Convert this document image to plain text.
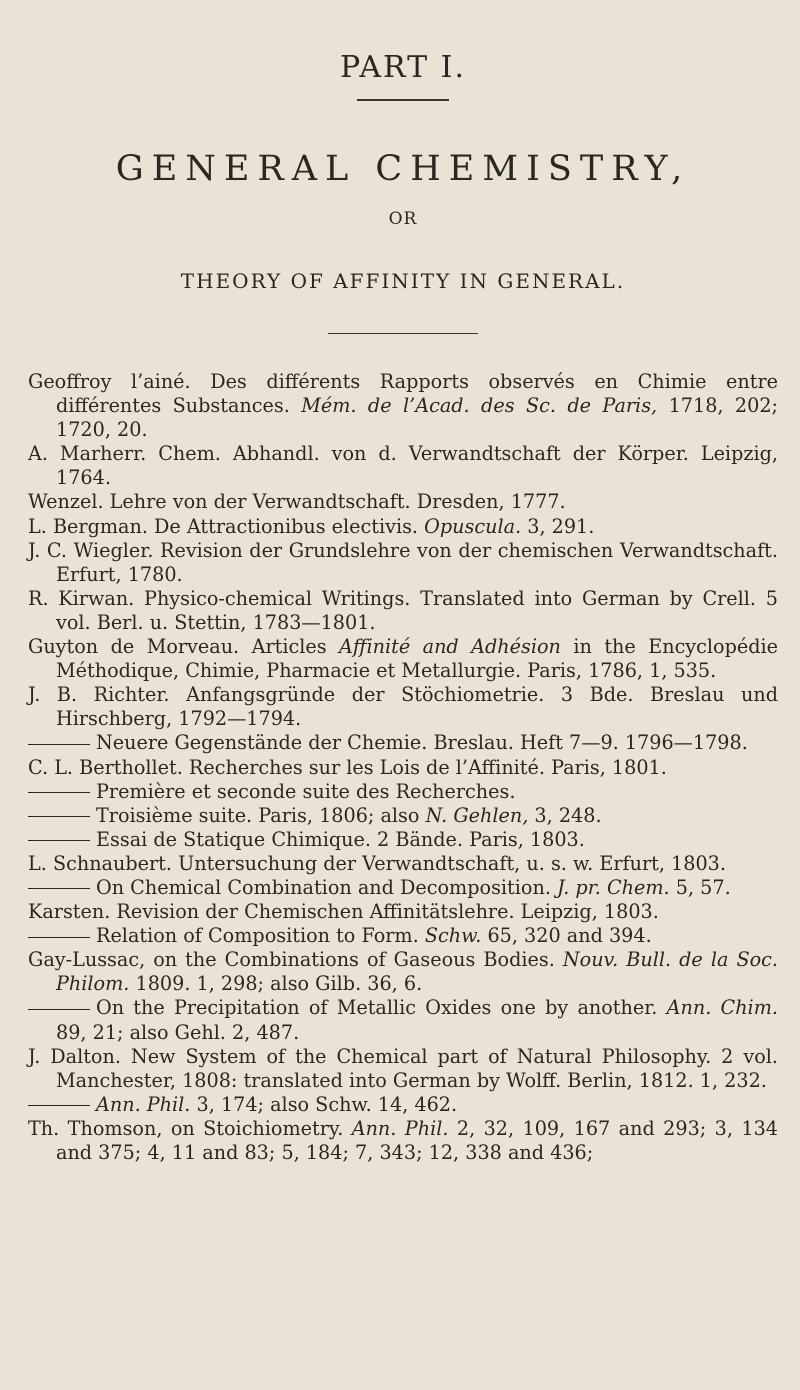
PART I.
GENERAL CHEMISTRY,
OR
THEORY OF AFFINITY IN GENERAL.

Geoffroy l’ainé. Des différents Rapports observés en Chimie entre différentes Substances. Mém. de l’Acad. des Sc. de Paris, 1718, 202; 1720, 20.

A. Marherr. Chem. Abhandl. von d. Verwandtschaft der Körper. Leipzig, 1764.

Wenzel. Lehre von der Verwandtschaft. Dresden, 1777.

L. Bergman. De Attractionibus electivis. Opuscula. 3, 291.

J. C. Wiegler. Revision der Grundslehre von der chemischen Verwandtschaft. Erfurt, 1780.

R. Kirwan. Physico-chemical Writings. Translated into German by Crell. 5 vol. Berl. u. Stettin, 1783—1801.

Guyton de Morveau. Articles Affinité and Adhésion in the Encyclopédie Méthodique, Chimie, Pharmacie et Metallurgie. Paris, 1786, 1, 535.

J. B. Richter. Anfangsgründe der Stöchiometrie. 3 Bde. Breslau und Hirschberg, 1792—1794.

Neuere Gegenstände der Chemie. Breslau. Heft 7—9. 1796—1798.

C. L. Berthollet. Recherches sur les Lois de l’Affinité. Paris, 1801.

Première et seconde suite des Recherches.

Troisième suite. Paris, 1806; also N. Gehlen, 3, 248.

Essai de Statique Chimique. 2 Bände. Paris, 1803.

L. Schnaubert. Untersuchung der Verwandtschaft, u. s. w. Erfurt, 1803.

On Chemical Combination and Decomposition. J. pr. Chem. 5, 57.

Karsten. Revision der Chemischen Affinitätslehre. Leipzig, 1803.

Relation of Composition to Form. Schw. 65, 320 and 394.

Gay-Lussac, on the Combinations of Gaseous Bodies. Nouv. Bull. de la Soc. Philom. 1809. 1, 298; also Gilb. 36, 6.

On the Precipitation of Metallic Oxides one by another. Ann. Chim. 89, 21; also Gehl. 2, 487.

J. Dalton. New System of the Chemical part of Natural Philosophy. 2 vol. Manchester, 1808: translated into German by Wolff. Berlin, 1812. 1, 232.

Ann. Phil. 3, 174; also Schw. 14, 462.

Th. Thomson, on Stoichiometry. Ann. Phil. 2, 32, 109, 167 and 293; 3, 134 and 375; 4, 11 and 83; 5, 184; 7, 343; 12, 338 and 436;
